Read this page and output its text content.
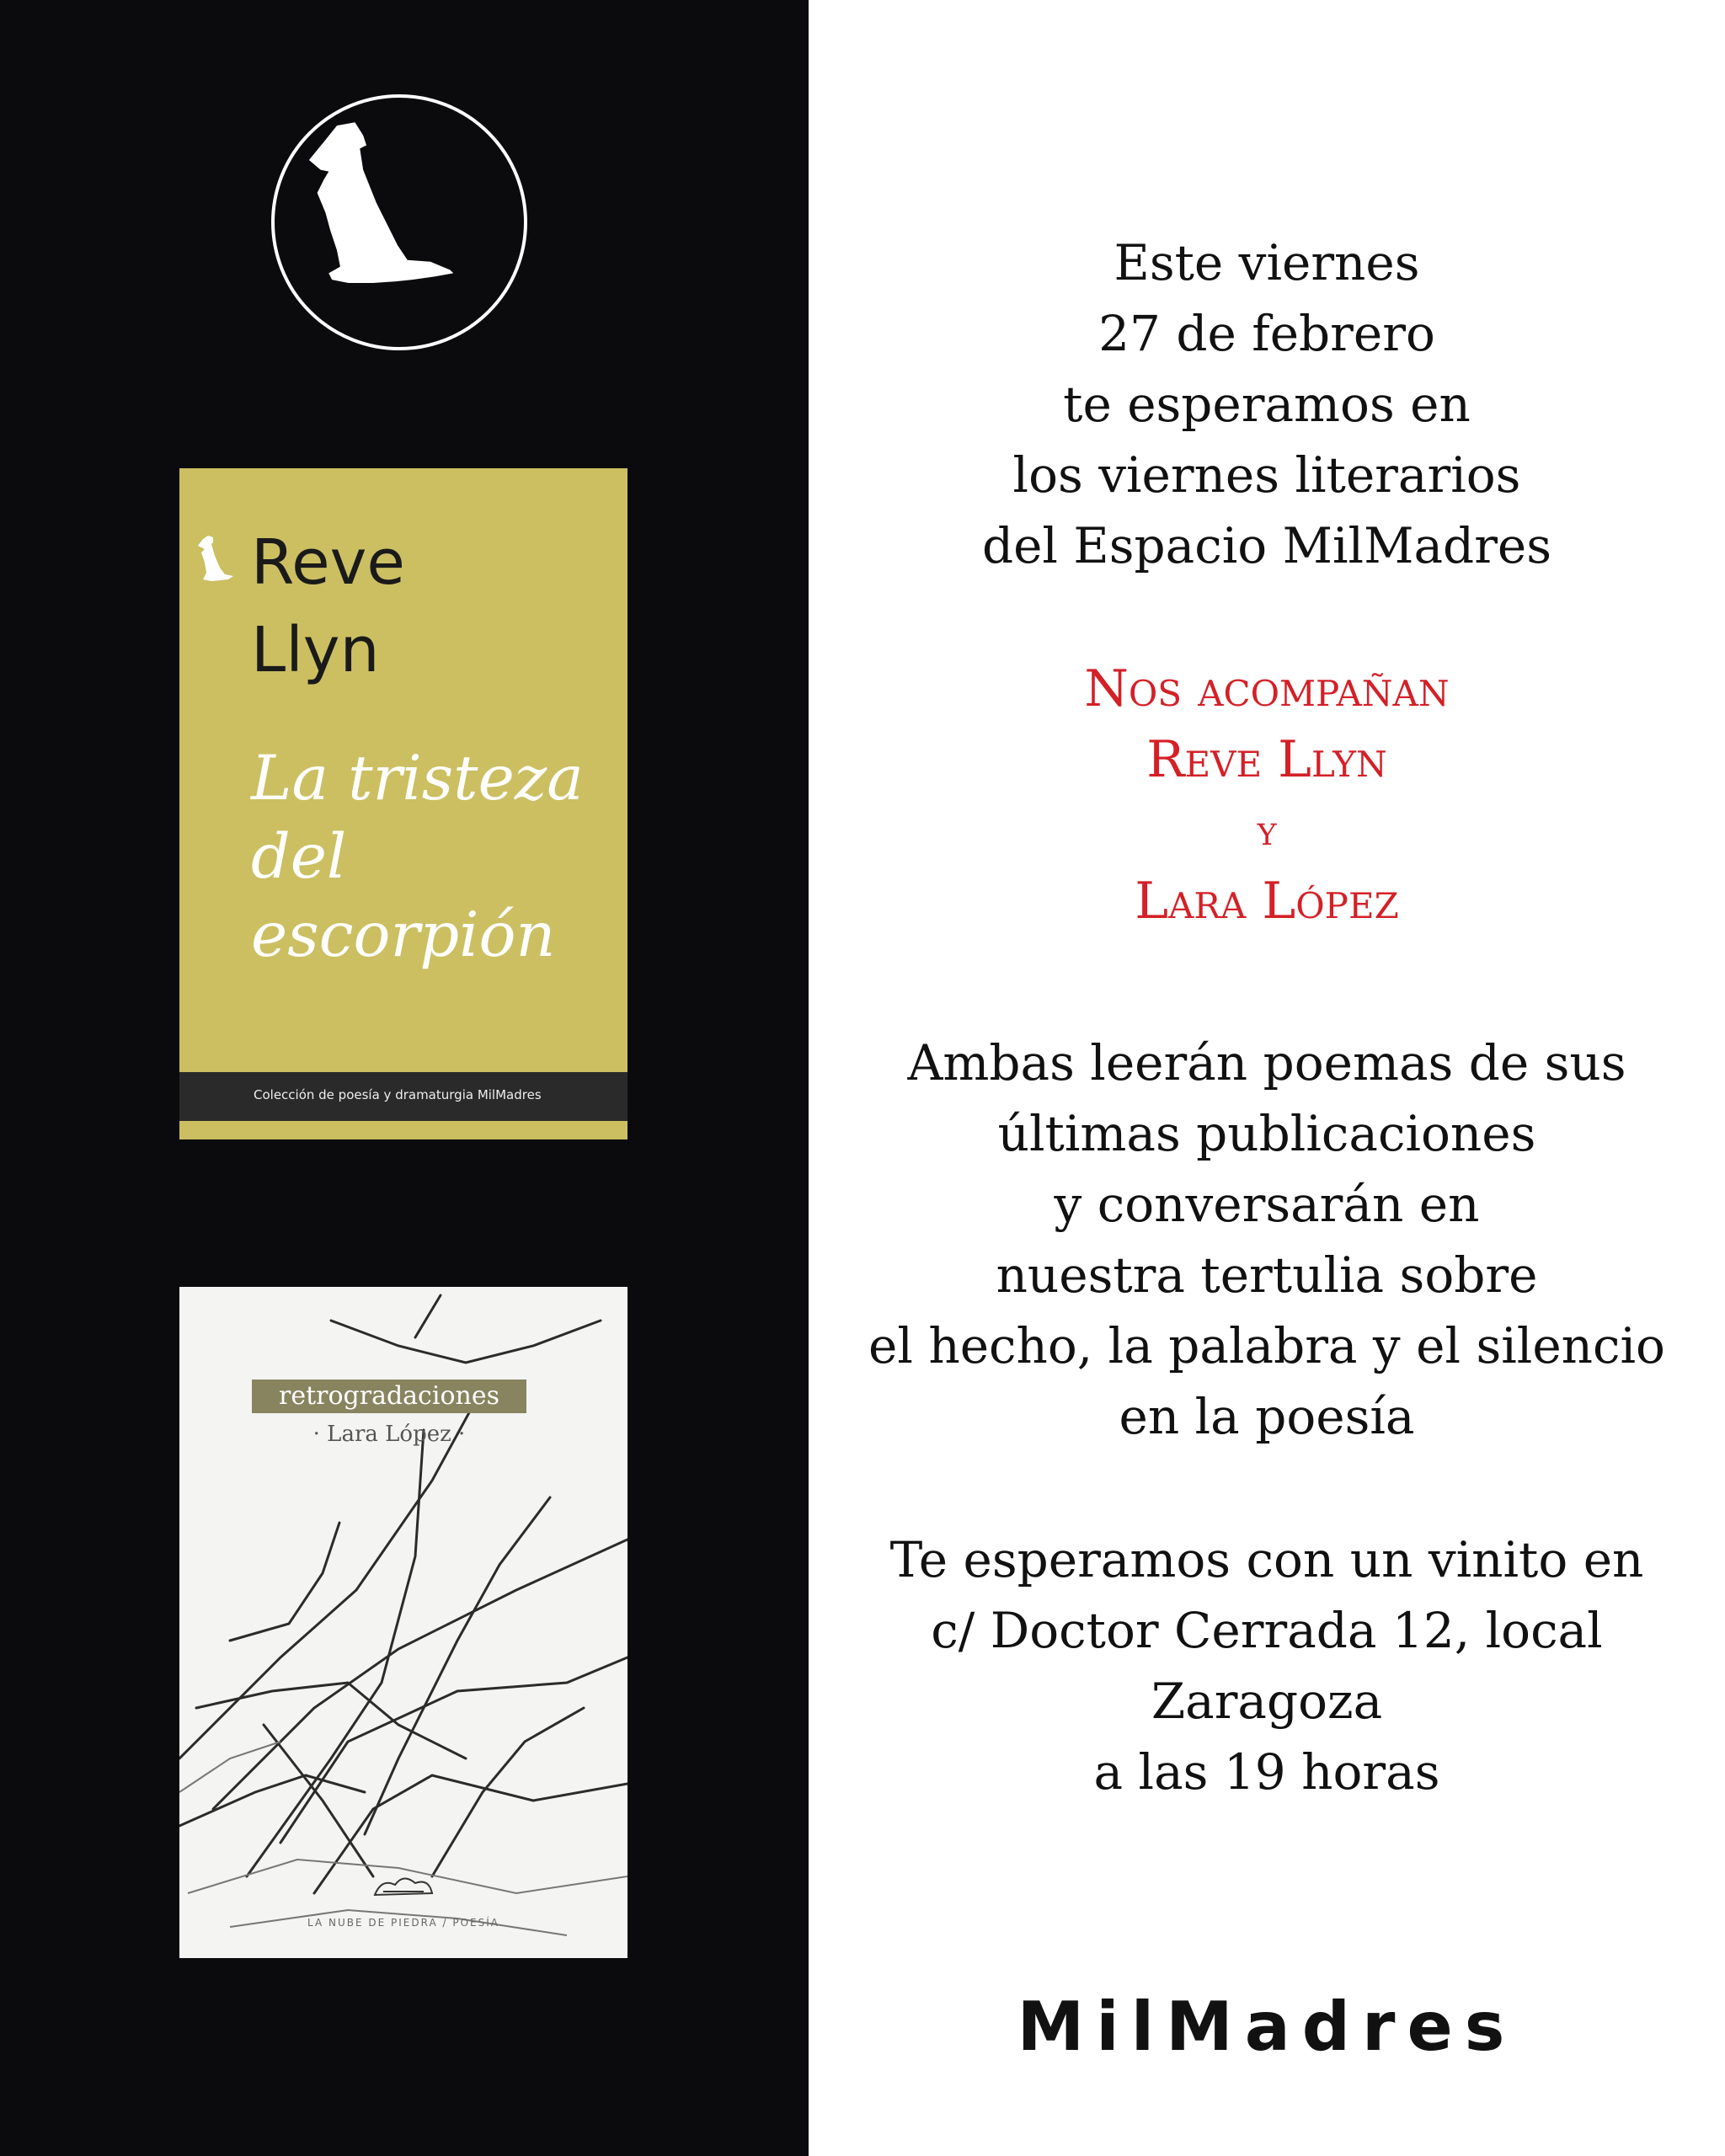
Reve
Llyn
La tristeza
del
escorpión
Colección de poesía y dramaturgia MilMadres
retrogradaciones
· Lara López ·
LA NUBE DE PIEDRA / POESÍA
Este viernes
27 de febrero
te esperamos en
los viernes literarios
del Espacio MilMadres
Nos acompañan
Reve Llyn
y
Lara López
Ambas leerán poemas de sus
últimas publicaciones
y conversarán en
nuestra tertulia sobre
el hecho, la palabra y el silencio
en la poesía
Te esperamos con un vinito en
c/ Doctor Cerrada 12, local
Zaragoza
a las 19 horas
MilMadres
